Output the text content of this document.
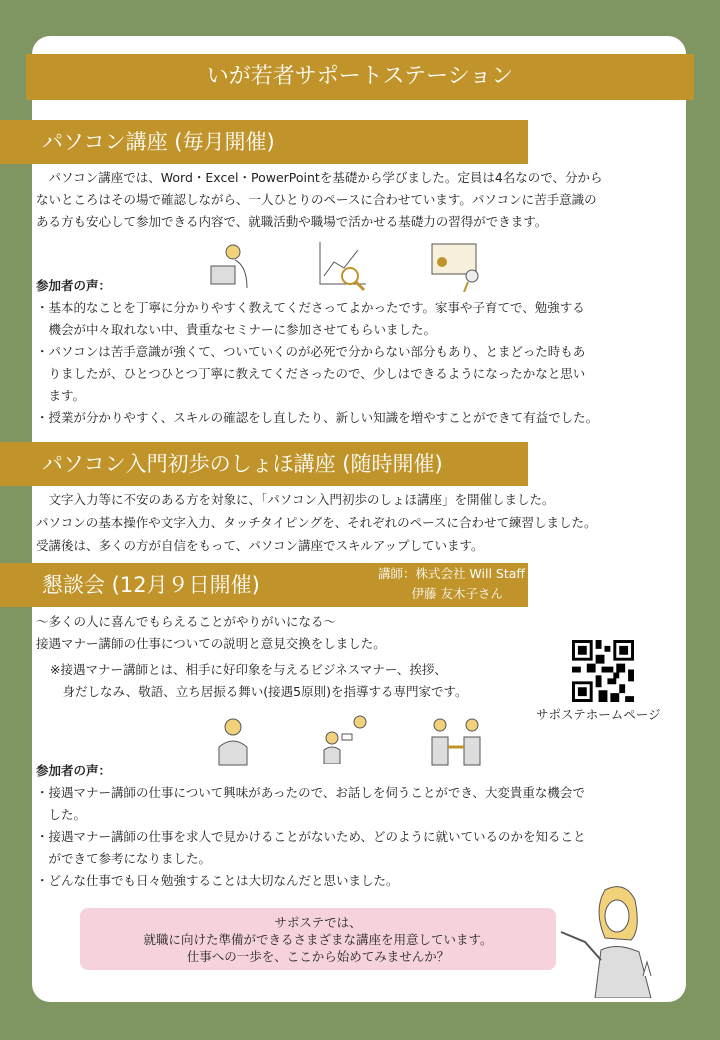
いが若者サポートステーション
パソコン講座 (毎月開催)
　パソコン講座では、Word・Excel・PowerPointを基礎から学びました。定員は4名なので、分から
ないところはその場で確認しながら、一人ひとりのペースに合わせています。パソコンに苦手意識の
ある方も安心して参加できる内容で、就職活動や職場で活かせる基礎力の習得ができます。
参加者の声：
・基本的なことを丁寧に分かりやすく教えてくださってよかったです。家事や子育てで、勉強する
　機会が中々取れない中、貴重なセミナーに参加させてもらいました。
・パソコンは苦手意識が強くて、ついていくのが必死で分からない部分もあり、とまどった時もあ
　りましたが、ひとつひとつ丁寧に教えてくださったので、少しはできるようになったかなと思い
　ます。
・授業が分かりやすく、スキルの確認をし直したり、新しい知識を増やすことができて有益でした。
パソコン入門初歩のしょほ講座 (随時開催)
　文字入力等に不安のある方を対象に、「パソコン入門初歩のしょほ講座」を開催しました。
パソコンの基本操作や文字入力、タッチタイピングを、それぞれのペースに合わせて練習しました。
受講後は、多くの方が自信をもって、パソコン講座でスキルアップしています。
懇談会 (12月９日開催)	講師：株式会社 Will Staff
伊藤 友木子さん
～多くの人に喜んでもらえることがやりがいになる～
接遇マナー講師の仕事についての説明と意見交換をしました。
※接遇マナー講師とは、相手に好印象を与えるビジネスマナー、挨拶、
　身だしなみ、敬語、立ち居振る舞い(接遇5原則)を指導する専門家です。
サポステホームページ
参加者の声：
・接遇マナー講師の仕事について興味があったので、お話しを伺うことができ、大変貴重な機会で
　した。
・接遇マナー講師の仕事を求人で見かけることがないため、どのように就いているのかを知ること
　ができて参考になりました。
・どんな仕事でも日々勉強することは大切なんだと思いました。
サポステでは、
就職に向けた準備ができるさまざまな講座を用意しています。
仕事への一歩を、ここから始めてみませんか？
